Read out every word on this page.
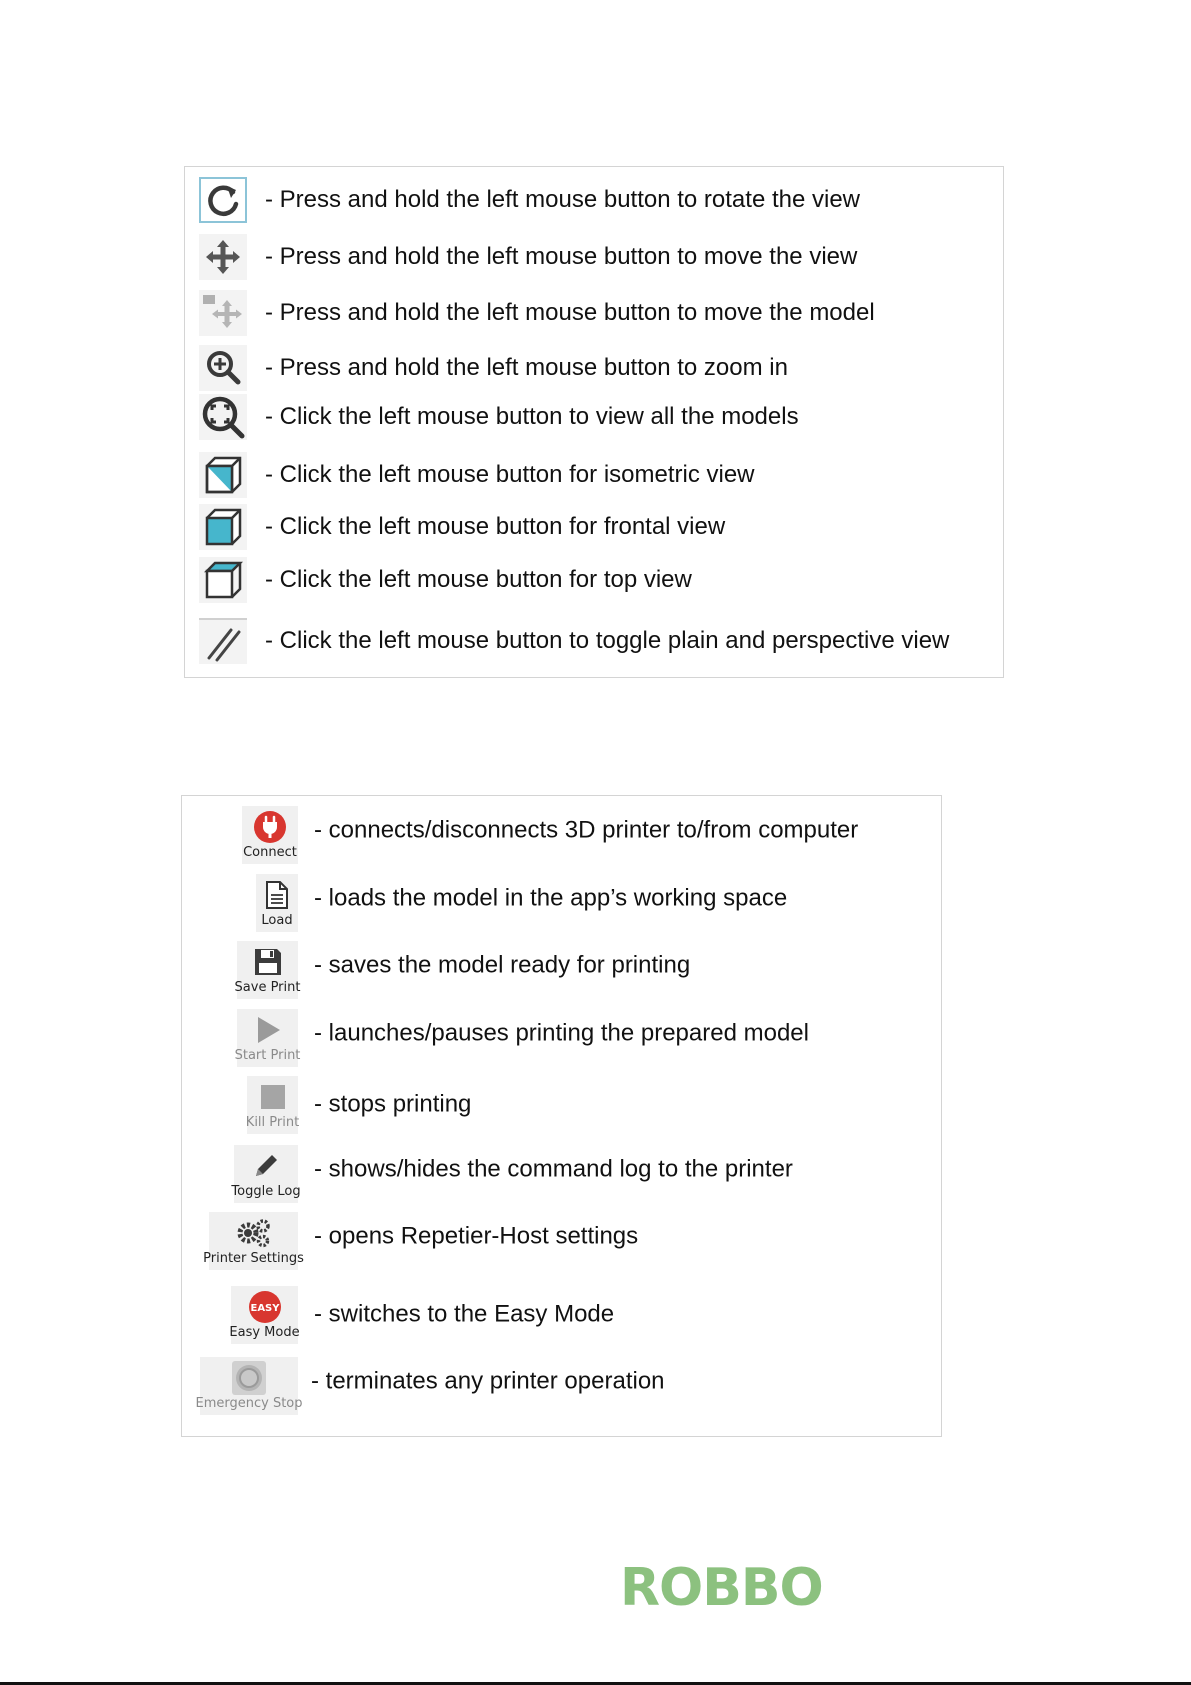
- Press and hold the left mouse button to rotate the view
- Press and hold the left mouse button to move the view
- Press and hold the left mouse button to move the model
- Press and hold the left mouse button to zoom in
- Click the left mouse button to view all the models
- Click the left mouse button for isometric view
- Click the left mouse button for frontal view
- Click the left mouse button for top view
- Click the left mouse button to toggle plain and perspective view
Connect
- connects/disconnects 3D printer to/from computer
Load
- loads the model in the app’s working space
Save Print
- saves the model ready for printing
Start Print
- launches/pauses printing the prepared model
Kill Print
- stops printing
Toggle Log
- shows/hides the command log to the printer
Printer Settings
- opens Repetier-Host settings
EASY
Easy Mode
- switches to the Easy Mode
Emergency Stop
- terminates any printer operation
ROBBO
